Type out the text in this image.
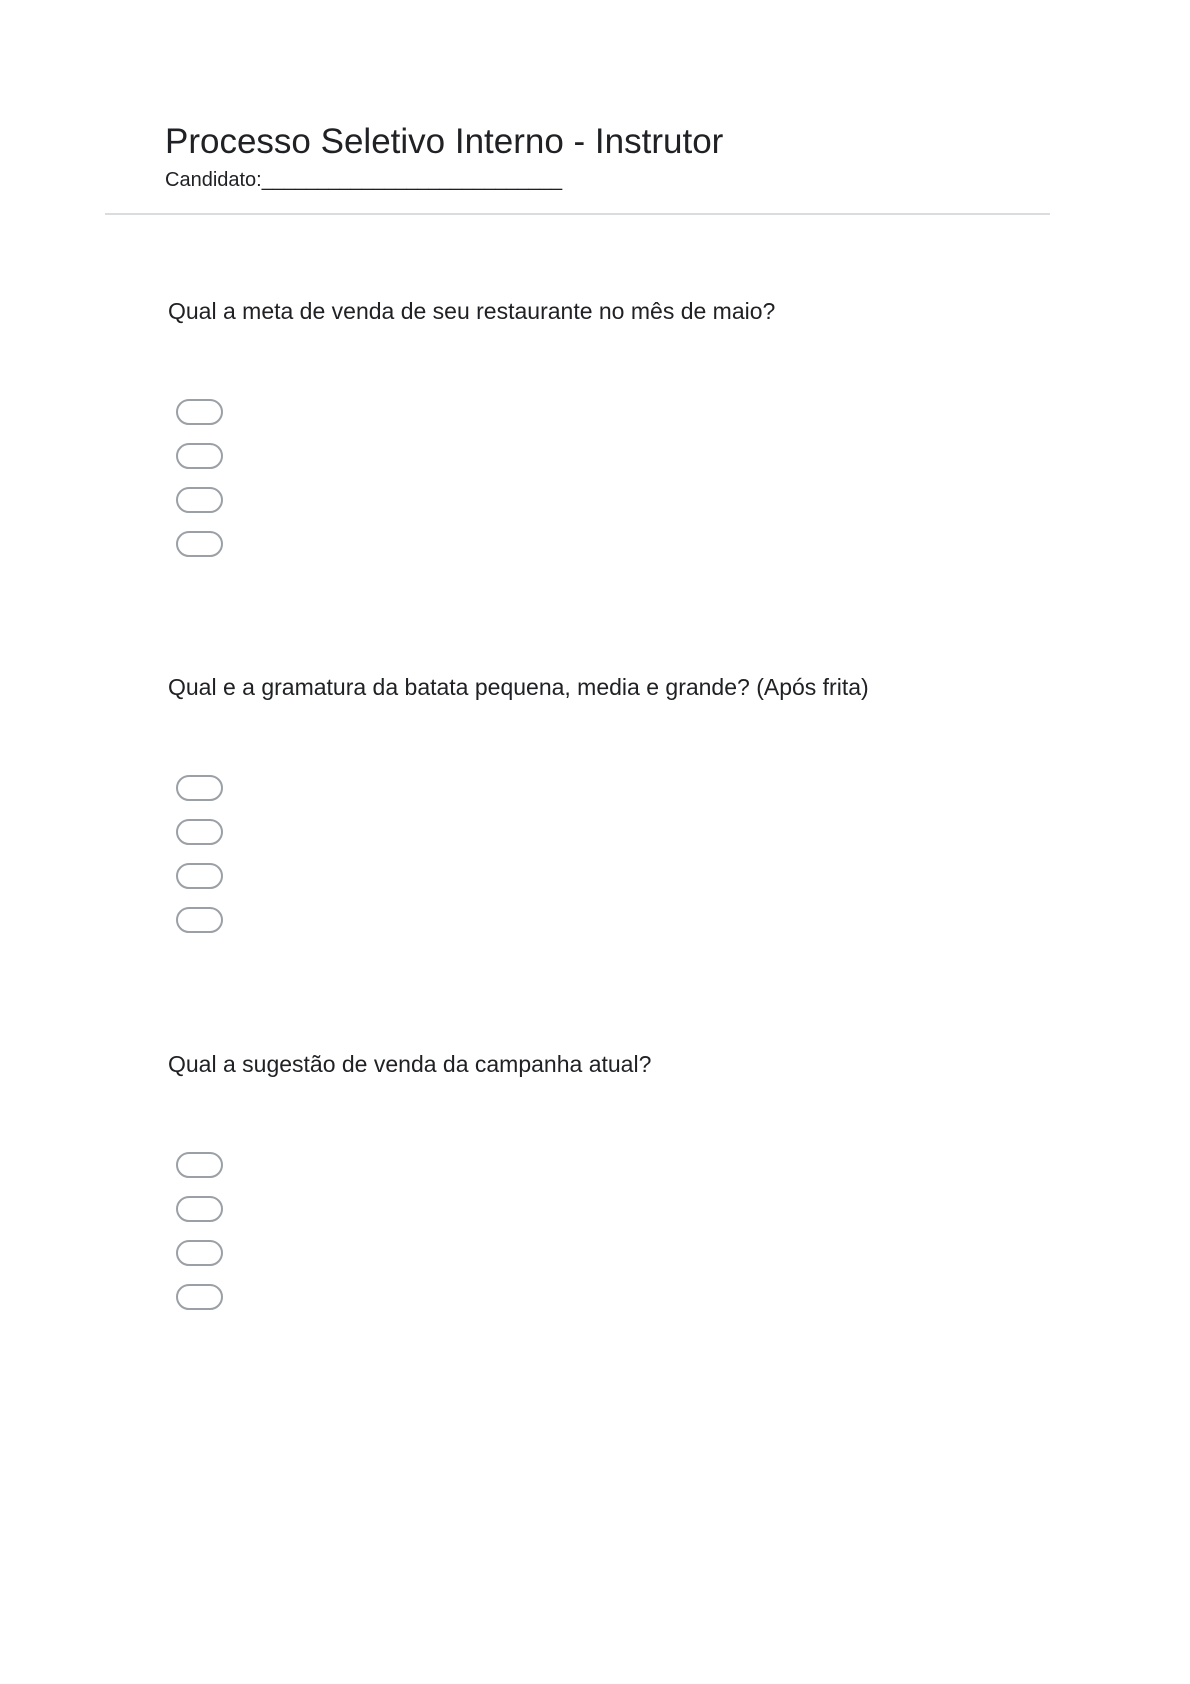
Processo Seletivo Interno - Instrutor

Candidato:___________________________

Qual a meta de venda de seu restaurante no mês de maio?

Qual e a gramatura da batata pequena, media e grande? (Após frita)

Qual a sugestão de venda da campanha atual?
